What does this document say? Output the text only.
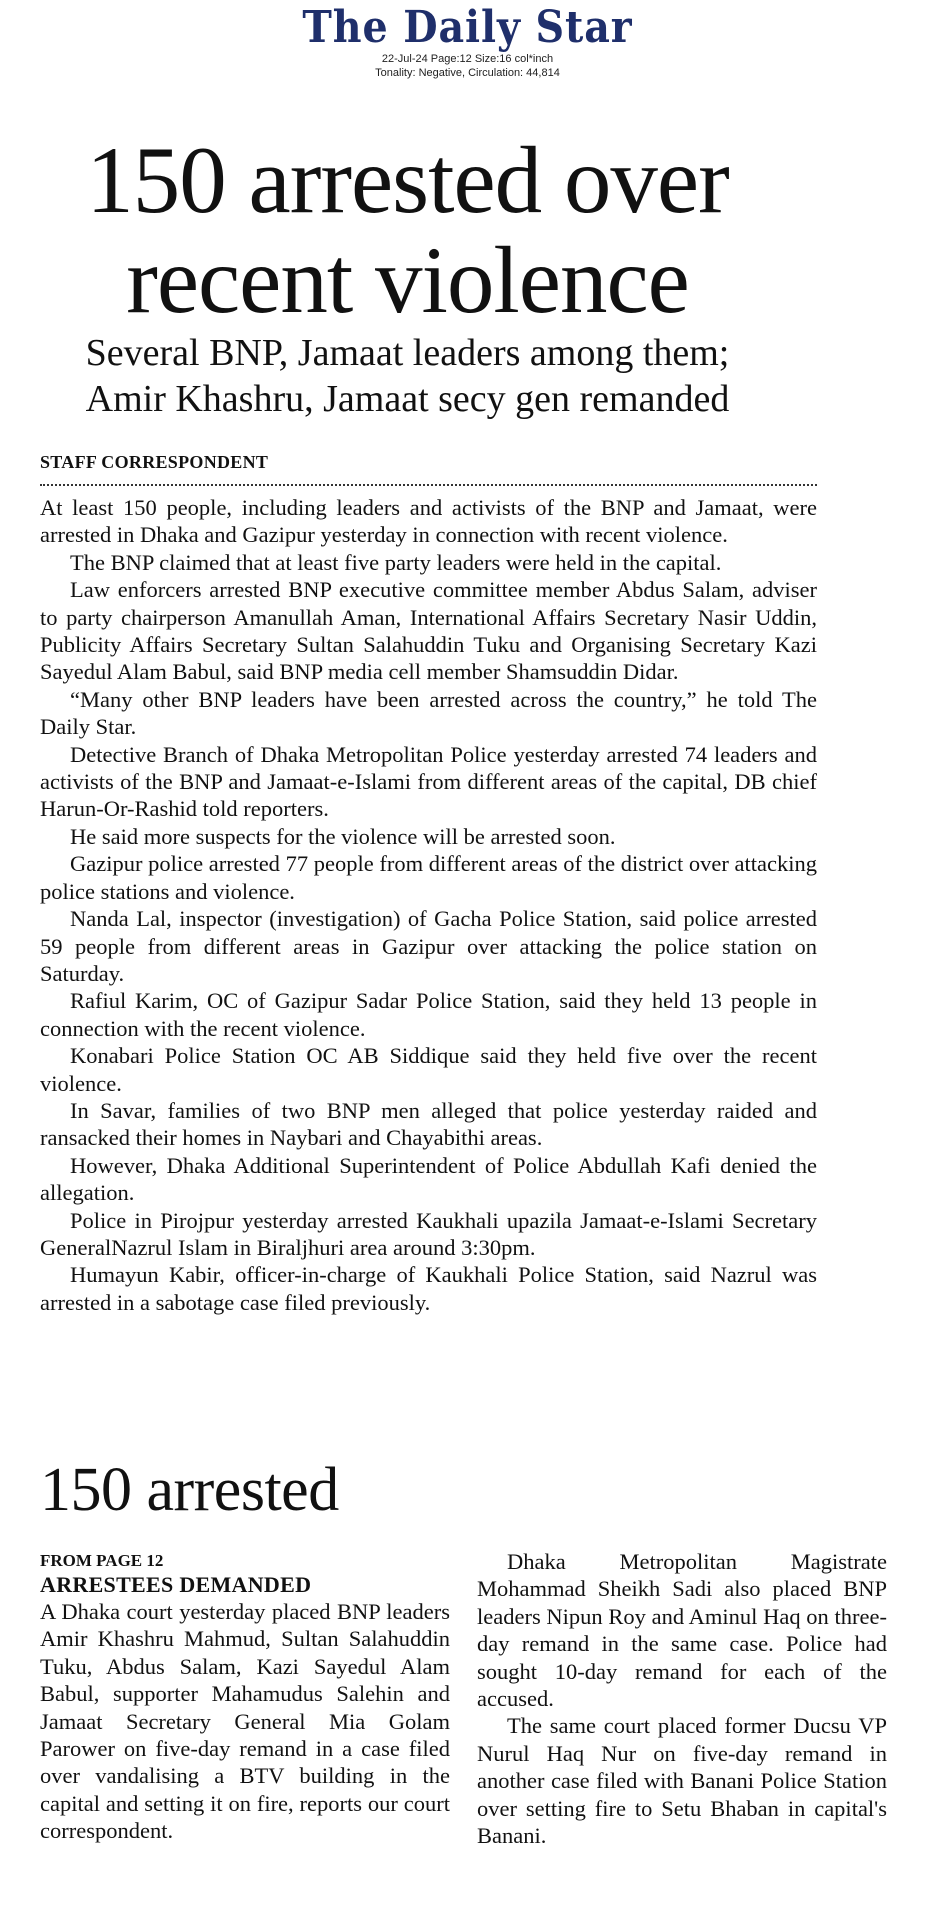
The Daily Star
22-Jul-24 Page:12 Size:16 col*inch
Tonality: Negative, Circulation: 44,814
150 arrested over
recent violence
Several BNP, Jamaat leaders among them;
Amir Khashru, Jamaat secy gen remanded
STAFF CORRESPONDENT

At least 150 people, including leaders and activists of the BNP and Jamaat, were arrested in Dhaka and Gazipur yesterday in connection with recent violence.

The BNP claimed that at least five party leaders were held in the capital.

Law enforcers arrested BNP executive committee member Abdus Salam, adviser to party chairperson Amanullah Aman, International Affairs Secretary Nasir Uddin, Publicity Affairs Secretary Sultan Salahuddin Tuku and Organising Secretary Kazi Sayedul Alam Babul, said BNP media cell member Shamsuddin Didar.

“Many other BNP leaders have been arrested across the country,” he told The Daily Star.

Detective Branch of Dhaka Metropolitan Police yesterday arrested 74 leaders and activists of the BNP and Jamaat-e-Islami from different areas of the capital, DB chief Harun-Or-Rashid told reporters.

He said more suspects for the violence will be arrested soon.

Gazipur police arrested 77 people from different areas of the district over attacking police stations and violence.

Nanda Lal, inspector (investigation) of Gacha Police Station, said police arrested 59 people from different areas in Gazipur over attacking the police station on Saturday.

Rafiul Karim, OC of Gazipur Sadar Police Station, said they held 13 people in connection with the recent violence.

Konabari Police Station OC AB Siddique said they held five over the recent violence.

In Savar, families of two BNP men alleged that police yesterday raided and ransacked their homes in Naybari and Chayabithi areas.

However, Dhaka Additional Superintendent of Police Abdullah Kafi denied the allegation.

Police in Pirojpur yesterday arrested Kaukhali upazila Jamaat-e-Islami Secretary GeneralNazrul Islam in Biraljhuri area around 3:30pm.

Humayun Kabir, officer-in-charge of Kaukhali Police Station, said Nazrul was arrested in a sabotage case filed previously.

150 arrested
FROM PAGE 12
ARRESTEES DEMANDED

A Dhaka court yesterday placed BNP leaders Amir Khashru Mahmud, Sultan Salahuddin Tuku, Abdus Salam, Kazi Sayedul Alam Babul, supporter Mahamudus Salehin and Jamaat Secretary General Mia Golam Parower on five-day remand in a case filed over vandalising a BTV building in the capital and setting it on fire, reports our court correspondent.

Dhaka Metropolitan Magistrate Mohammad Sheikh Sadi also placed BNP leaders Nipun Roy and Aminul Haq on three-day remand in the same case. Police had sought 10-day remand for each of the accused.

The same court placed former Ducsu VP Nurul Haq Nur on five-day remand in another case filed with Banani Police Station over setting fire to Setu Bhaban in capital's Banani.
